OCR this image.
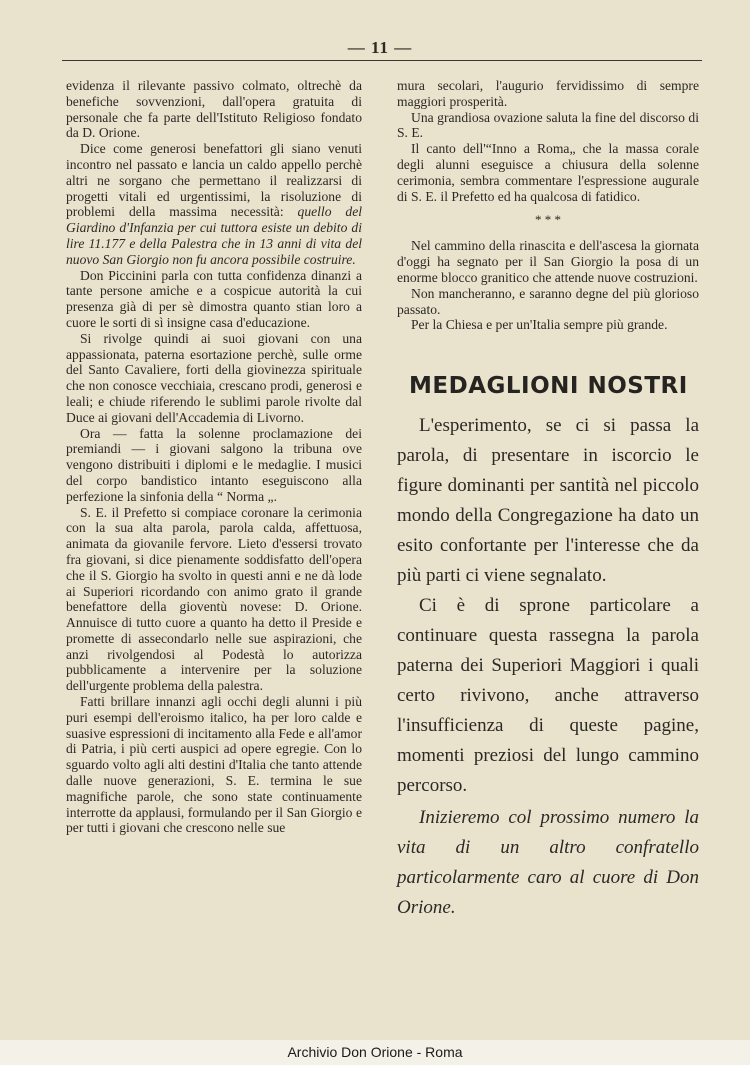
— 11 —

evidenza il rilevante passivo colmato, oltrechè da benefiche sovvenzioni, dall'opera gratuita di personale che fa parte dell'Istituto Religioso fondato da D. Orione.

Dice come generosi benefattori gli siano venuti incontro nel passato e lancia un caldo appello perchè altri ne sorgano che permettano il realizzarsi di progetti vitali ed urgentissimi, la risoluzione di problemi della massima necessità: quello del Giardino d'Infanzia per cui tuttora esiste un debito di lire 11.177 e della Palestra che in 13 anni di vita del nuovo San Giorgio non fu ancora possibile costruire.

Don Piccinini parla con tutta confidenza dinanzi a tante persone amiche e a cospicue autorità la cui presenza già di per sè dimostra quanto stian loro a cuore le sorti di sì insigne casa d'educazione.

Si rivolge quindi ai suoi giovani con una appassionata, paterna esortazione perchè, sulle orme del Santo Cavaliere, forti della giovinezza spirituale che non conosce vecchiaia, crescano prodi, generosi e leali; e chiude riferendo le sublimi parole rivolte dal Duce ai giovani dell'Accademia di Livorno.

Ora — fatta la solenne proclamazione dei premiandi — i giovani salgono la tribuna ove vengono distribuiti i diplomi e le medaglie. I musici del corpo bandistico intanto eseguiscono alla perfezione la sinfonia della “ Norma „.

S. E. il Prefetto si compiace coronare la cerimonia con la sua alta parola, parola calda, affettuosa, animata da giovanile fervore. Lieto d'essersi trovato fra giovani, si dice pienamente soddisfatto dell'opera che il S. Giorgio ha svolto in questi anni e ne dà lode ai Superiori ricordando con animo grato il grande benefattore della gioventù novese: D. Orione. Annuisce di tutto cuore a quanto ha detto il Preside e promette di assecondarlo nelle sue aspirazioni, che anzi rivolgendosi al Podestà lo autorizza pubblicamente a intervenire per la soluzione dell'urgente problema della palestra.

Fatti brillare innanzi agli occhi degli alunni i più puri esempi dell'eroismo italico, ha per loro calde e suasive espressioni di incitamento alla Fede e all'amor di Patria, i più certi auspici ad opere egregie. Con lo sguardo volto agli alti destini d'Italia che tanto attende dalle nuove generazioni, S. E. termina le sue magnifiche parole, che sono state continuamente interrotte da applausi, formulando per il San Giorgio e per tutti i giovani che crescono nelle sue

mura secolari, l'augurio fervidissimo di sempre maggiori prosperità.

Una grandiosa ovazione saluta la fine del discorso di S. E.

Il canto dell'“Inno a Roma„ che la massa corale degli alunni eseguisce a chiusura della solenne cerimonia, sembra commentare l'espressione augurale di S. E. il Prefetto ed ha qualcosa di fatidico.

* * *

Nel cammino della rinascita e dell'ascesa la giornata d'oggi ha segnato per il San Giorgio la posa di un enorme blocco granitico che attende nuove costruzioni.

Non mancheranno, e saranno degne del più glorioso passato.

Per la Chiesa e per un'Italia sempre più grande.

MEDAGLIONI NOSTRI

L'esperimento, se ci si passa la parola, di presentare in iscorcio le figure dominanti per santità nel piccolo mondo della Congregazione ha dato un esito confortante per l'interesse che da più parti ci viene segnalato.

Ci è di sprone particolare a continuare questa rassegna la parola paterna dei Superiori Maggiori i quali certo rivivono, anche attraverso l'insufficienza di queste pagine, momenti preziosi del lungo cammino percorso.

Inizieremo col prossimo numero la vita di un altro confratello particolarmente caro al cuore di Don Orione.

Archivio Don Orione - Roma
